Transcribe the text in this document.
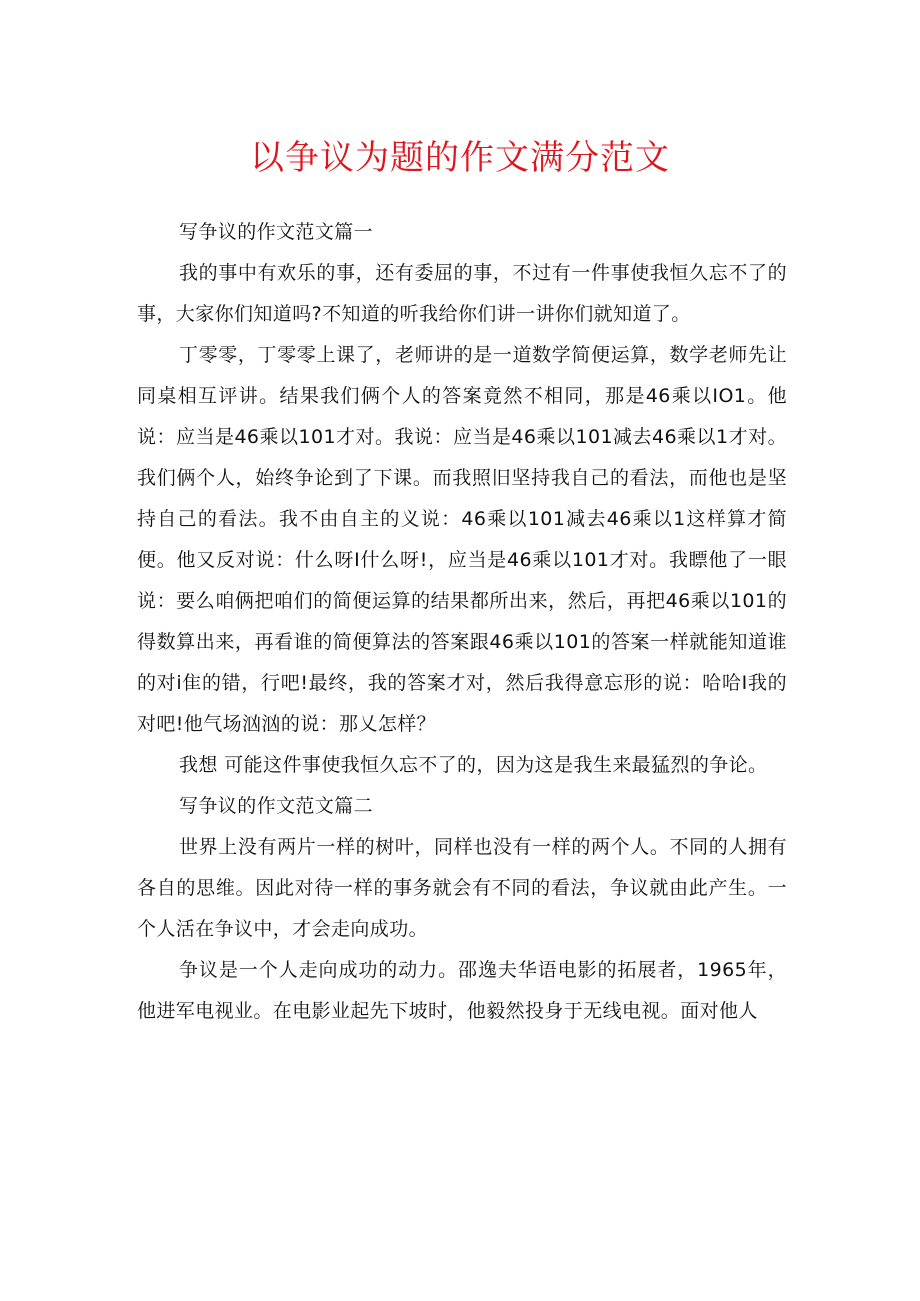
以争议为题的作文满分范文

写争议的作文范文篇一

我的事中有欢乐的事，还有委屈的事，不过有一件事使我恒久忘不了的事，大家你们知道吗?不知道的听我给你们讲一讲你们就知道了。

丁零零，丁零零上课了，老师讲的是一道数学简便运算，数学老师先让同桌相互评讲。结果我们俩个人的答案竟然不相同，那是46乘以IO1。他说：应当是46乘以101才对。我说：应当是46乘以101减去46乘以1才对。我们俩个人，始终争论到了下课。而我照旧坚持我自己的看法，而他也是坚持自己的看法。我不由自主的义说：46乘以101减去46乘以1这样算才简便。他又反对说：什么呀I什么呀!，应当是46乘以101才对。我瞟他了一眼说：要么咱俩把咱们的简便运算的结果都所出来，然后，再把46乘以101的得数算出来，再看谁的简便算法的答案跟46乘以101的答案一样就能知道谁的对i隹的错，行吧!最终，我的答案才对，然后我得意忘形的说：哈哈I我的对吧!他气场汹汹的说：那乂怎样？

我想 可能这件事使我恒久忘不了的，因为这是我生来最猛烈的争论。

写争议的作文范文篇二

世界上没有两片一样的树叶，同样也没有一样的两个人。不同的人拥有各自的思维。因此对待一样的事务就会有不同的看法，争议就由此产生。一个人活在争议中，才会走向成功。

争议是一个人走向成功的动力。邵逸夫华语电影的拓展者，1965年，他进军电视业。在电影业起先下坡时，他毅然投身于无线电视。面对他人
